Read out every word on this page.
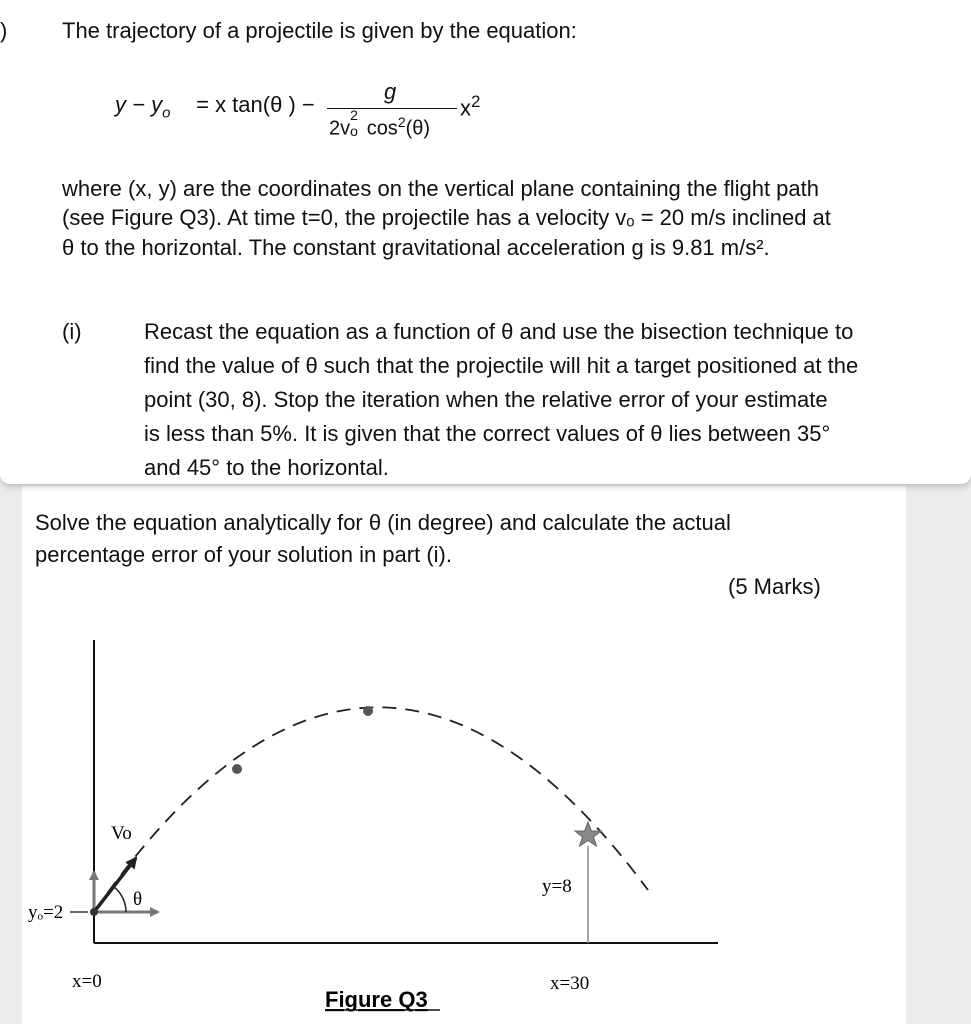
) The trajectory of a projectile is given by the equation:
$y - y_o = x$ tan(θ ) −
g
2v
2
o $\cos^2(\theta)$
$x^2$
where (x, y) are the coordinates on the vertical plane containing the flight path
(see Figure Q3). At time t=0, the projectile has a velocity vₒ = 20 m/s inclined at
θ to the horizontal. The constant gravitational acceleration g is 9.81 m/s².
(i)	Recast the equation as a function of θ and use the bisection technique to
find the value of θ such that the projectile will hit a target positioned at the
point (30, 8). Stop the iteration when the relative error of your estimate
is less than 5%. It is given that the correct values of θ lies between 35°
and 45° to the horizontal.
Solve the equation analytically for θ (in degree) and calculate the actual
percentage error of your solution in part (i).
(5 Marks)
Vo
θ
yₒ=2
x=0
y=8
x=30
Figure Q3
